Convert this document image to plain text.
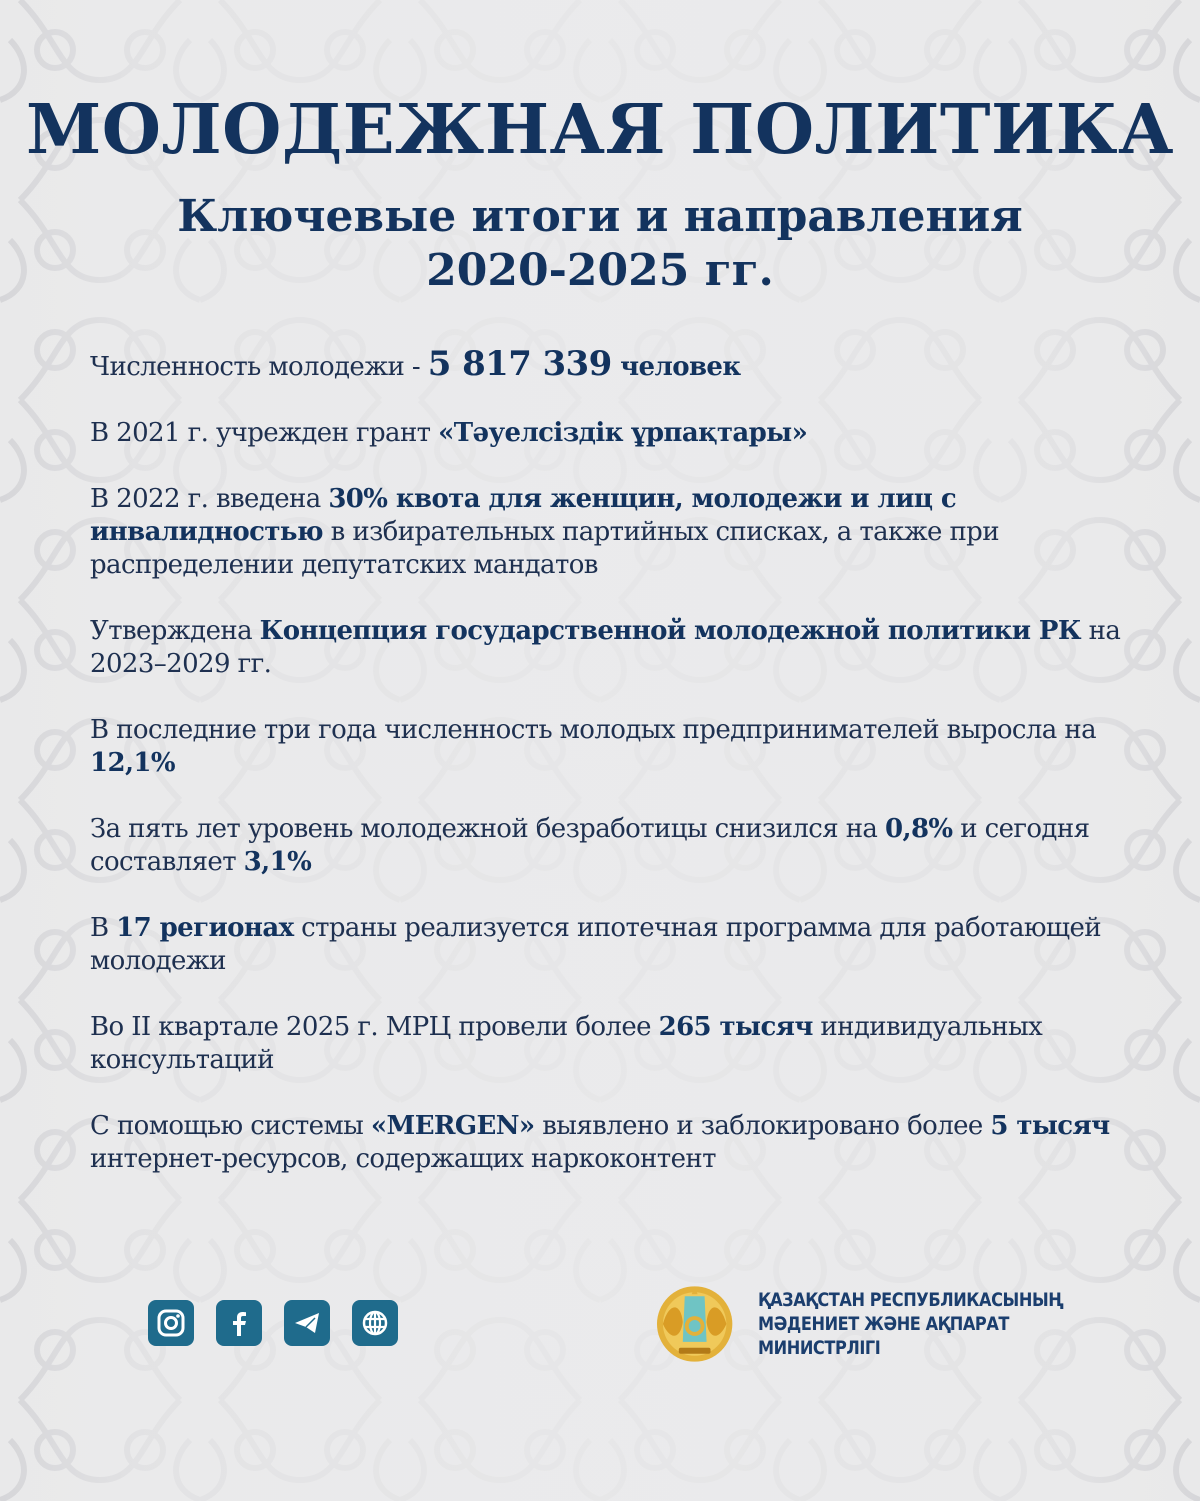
МОЛОДЕЖНАЯ ПОЛИТИКА
Ключевые итоги и направления
2020-2025 гг.

Численность молодежи - 5 817 339 человек

В 2021 г. учрежден грант «Тәуелсіздік ұрпақтары»

В 2022 г. введена 30% квота для женщин, молодежи и лиц с инвалидностью в избирательных партийных списках, а также при распределении депутатских мандатов

Утверждена Концепция государственной молодежной политики РК на 2023–2029 гг.

В последние три года численность молодых предпринимателей выросла на 12,1%

За пять лет уровень молодежной безработицы снизился на 0,8% и сегодня составляет 3,1%

В 17 регионах страны реализуется ипотечная программа для работающей молодежи

Во II квартале 2025 г. МРЦ провели более 265 тысяч индивидуальных консультаций

С помощью системы «MERGEN» выявлено и заблокировано более 5 тысяч интернет-ресурсов, содержащих наркоконтент

ҚАЗАҚСТАН РЕСПУБЛИКАСЫНЫҢ
МӘДЕНИЕТ ЖӘНЕ АҚПАРАТ МИНИСТРЛІГІ
